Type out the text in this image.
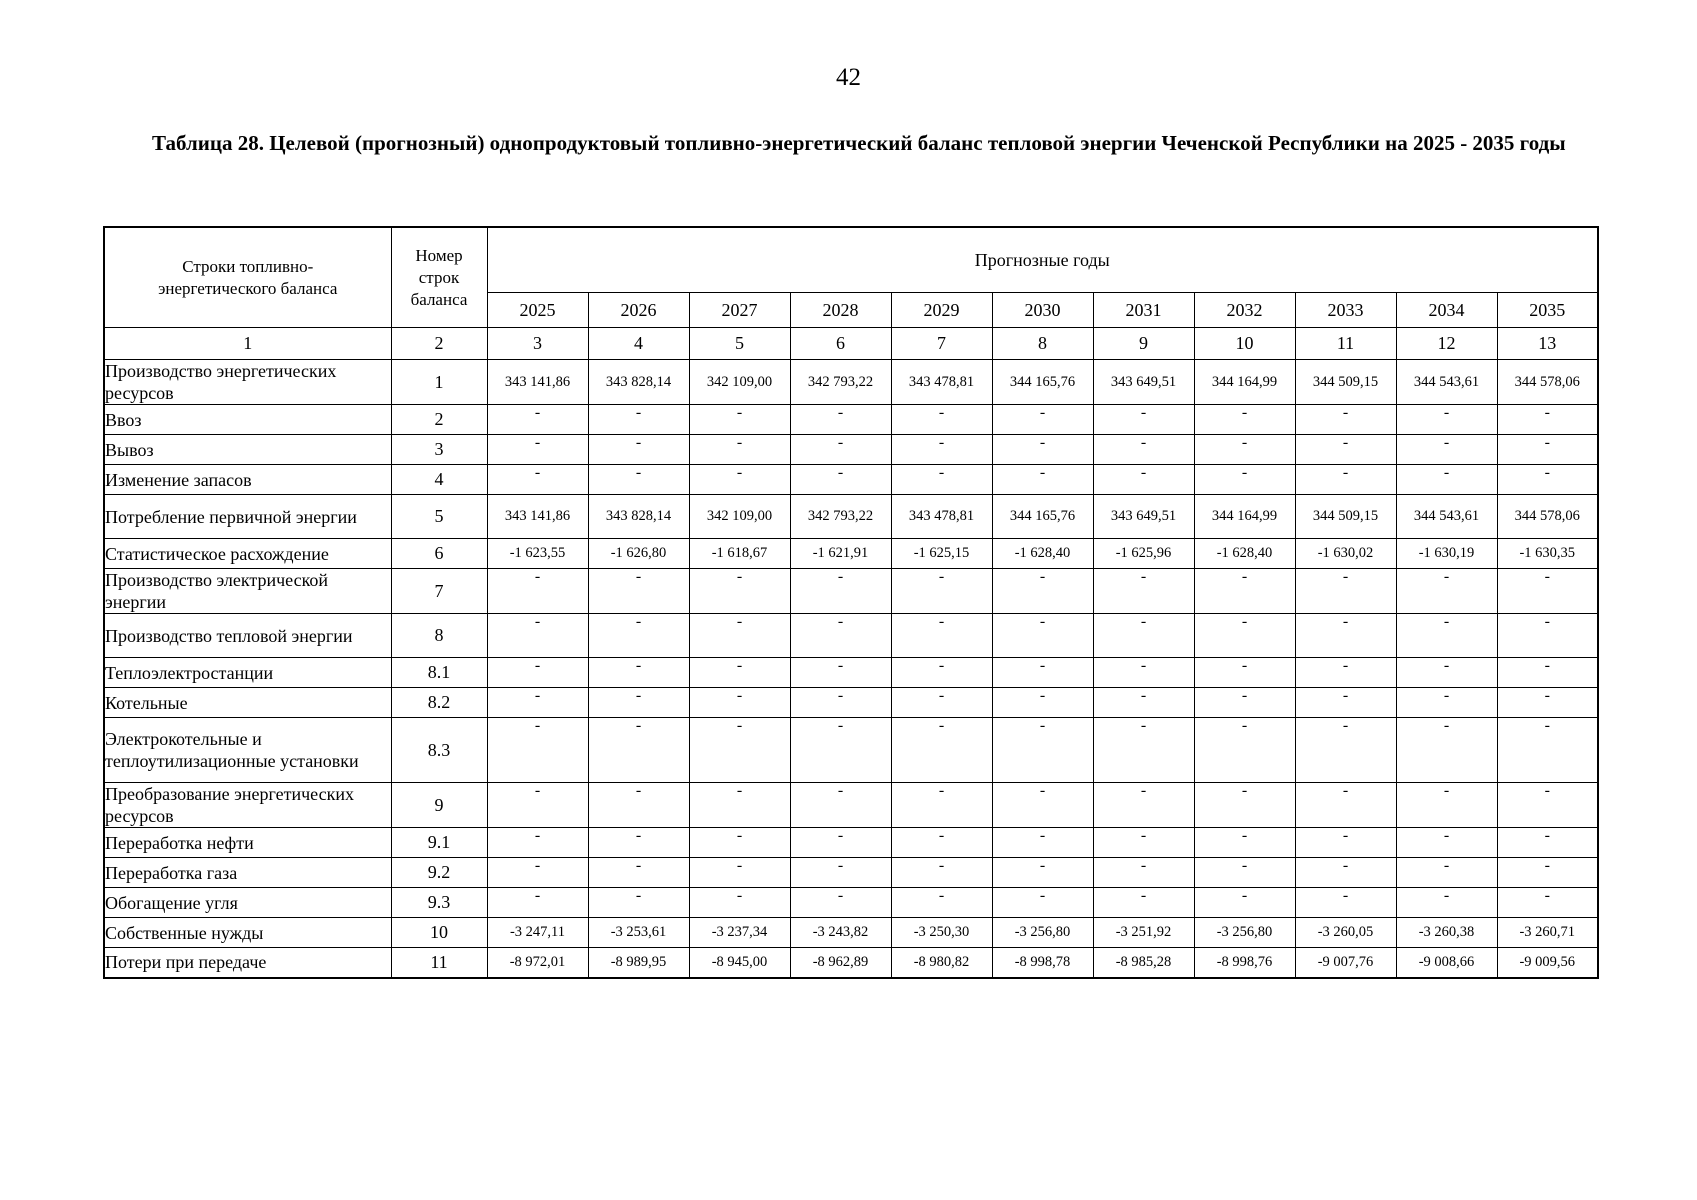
42
Таблица 28. Целевой (прогнозный) однопродуктовый топливно-энергетический баланс тепловой энергии Чеченской Республики на 2025 - 2035 годы
Строки топливно-энергетического баланса	Номер строк баланса	Прогнозные годы										
		2025	2026	2027	2028	2029	2030	2031	2032	2033	2034	2035
1	2	3	4	5	6	7	8	9	10	11	12	13
Производство энергетических ресурсов	1	343 141,86	343 828,14	342 109,00	342 793,22	343 478,81	344 165,76	343 649,51	344 164,99	344 509,15	344 543,61	344 578,06
Ввоз	2	-	-	-	-	-	-	-	-	-	-	-
Вывоз	3	-	-	-	-	-	-	-	-	-	-	-
Изменение запасов	4	-	-	-	-	-	-	-	-	-	-	-
Потребление первичной энергии	5	343 141,86	343 828,14	342 109,00	342 793,22	343 478,81	344 165,76	343 649,51	344 164,99	344 509,15	344 543,61	344 578,06
Статистическое расхождение	6	-1 623,55	-1 626,80	-1 618,67	-1 621,91	-1 625,15	-1 628,40	-1 625,96	-1 628,40	-1 630,02	-1 630,19	-1 630,35
Производство электрической энергии	7	-	-	-	-	-	-	-	-	-	-	-
Производство тепловой энергии	8	-	-	-	-	-	-	-	-	-	-	-
Теплоэлектростанции	8.1	-	-	-	-	-	-	-	-	-	-	-
Котельные	8.2	-	-	-	-	-	-	-	-	-	-	-
Электрокотельные и теплоутилизационные установки	8.3	-	-	-	-	-	-	-	-	-	-	-
Преобразование энергетических ресурсов	9	-	-	-	-	-	-	-	-	-	-	-
Переработка нефти	9.1	-	-	-	-	-	-	-	-	-	-	-
Переработка газа	9.2	-	-	-	-	-	-	-	-	-	-	-
Обогащение угля	9.3	-	-	-	-	-	-	-	-	-	-	-
Собственные нужды	10	-3 247,11	-3 253,61	-3 237,34	-3 243,82	-3 250,30	-3 256,80	-3 251,92	-3 256,80	-3 260,05	-3 260,38	-3 260,71
Потери при передаче	11	-8 972,01	-8 989,95	-8 945,00	-8 962,89	-8 980,82	-8 998,78	-8 985,28	-8 998,76	-9 007,76	-9 008,66	-9 009,56
